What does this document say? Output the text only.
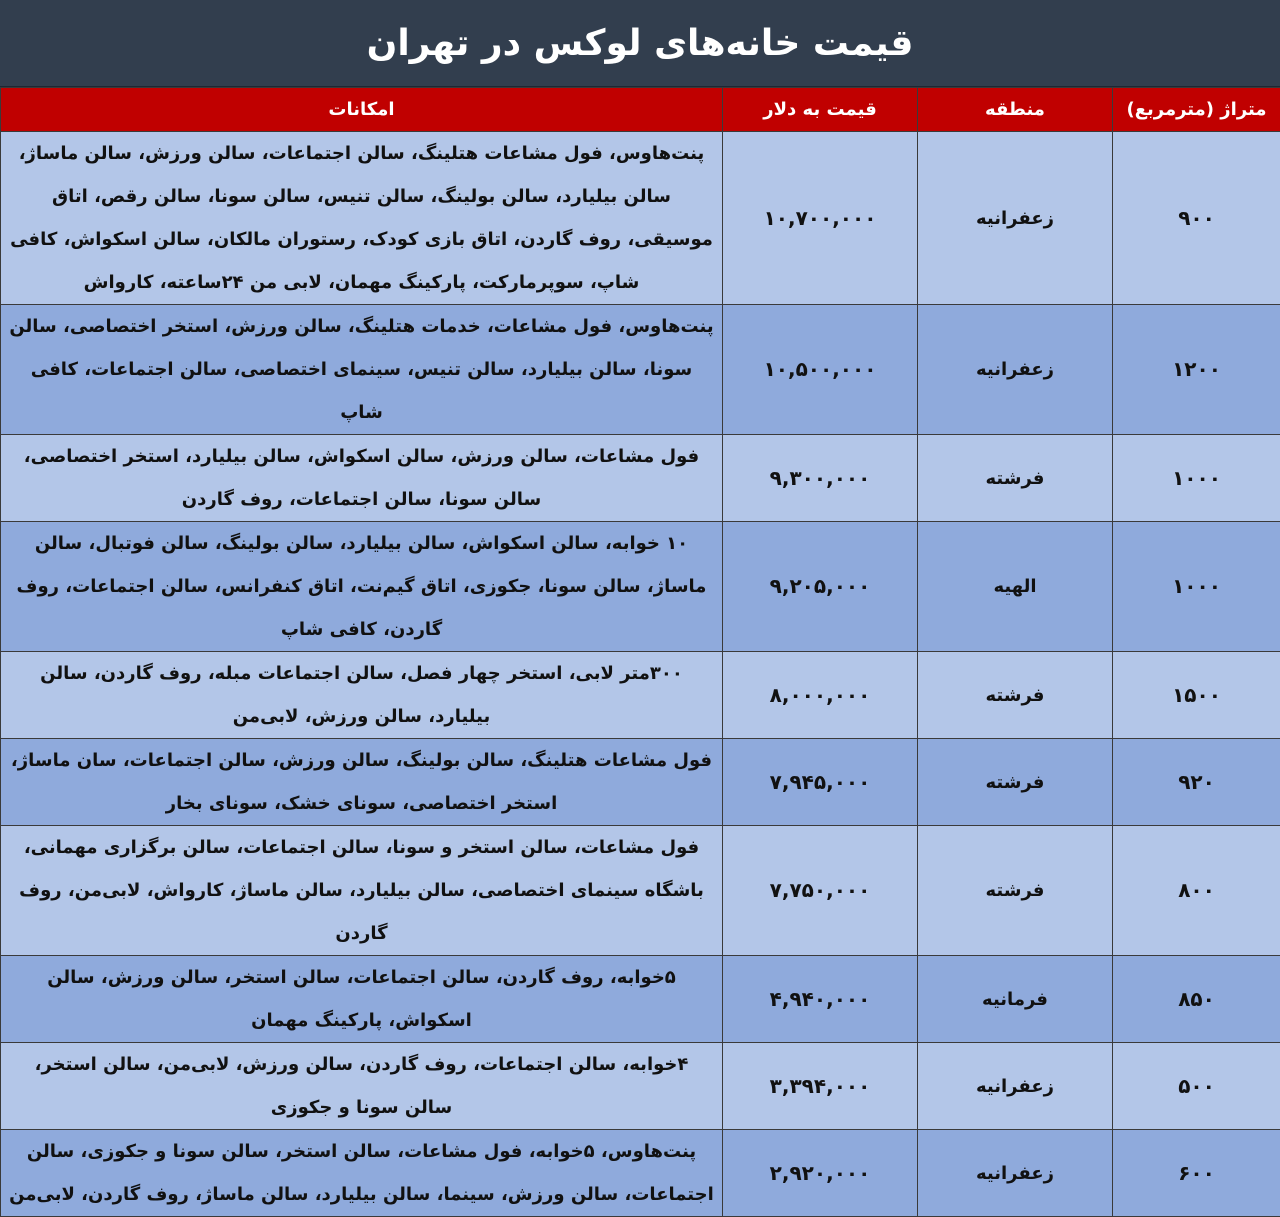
قیمت خانه‌های لوکس در تهران
متراژ (مترمربع)	منطقه	قیمت به دلار	امکانات
۹۰۰	زعفرانیه	۱۰,۷۰۰,۰۰۰	پنت‌هاوس، فول مشاعات هتلینگ، سالن اجتماعات، سالن ورزش، سالن ماساژ، سالن بیلیارد، سالن بولینگ، سالن تنیس، سالن سونا، سالن رقص، اتاق موسیقی، روف گاردن، اتاق بازی کودک، رستوران مالکان، سالن اسکواش، کافی شاپ، سوپرمارکت، پارکینگ مهمان، لابی من ۲۴ساعته، کارواش
۱۲۰۰	زعفرانیه	۱۰,۵۰۰,۰۰۰	پنت‌هاوس، فول مشاعات، خدمات هتلینگ، سالن ورزش، استخر اختصاصی، سالن سونا، سالن بیلیارد، سالن تنیس، سینمای اختصاصی، سالن اجتماعات، کافی شاپ
۱۰۰۰	فرشته	۹,۳۰۰,۰۰۰	فول مشاعات، سالن ورزش، سالن اسکواش، سالن بیلیارد، استخر اختصاصی، سالن سونا، سالن اجتماعات، روف گاردن
۱۰۰۰	الهیه	۹,۲۰۵,۰۰۰	۱۰ خوابه، سالن اسکواش، سالن بیلیارد، سالن بولینگ، سالن فوتبال، سالن ماساژ، سالن سونا، جکوزی، اتاق گیم‌نت، اتاق کنفرانس، سالن اجتماعات، روف گاردن، کافی شاپ
۱۵۰۰	فرشته	۸,۰۰۰,۰۰۰	۳۰۰متر لابی، استخر چهار فصل، سالن اجتماعات مبله، روف گاردن، سالن بیلیارد، سالن ورزش، لابی‌من
۹۲۰	فرشته	۷,۹۴۵,۰۰۰	فول مشاعات هتلینگ، سالن بولینگ، سالن ورزش، سالن اجتماعات، سان ماساژ، استخر اختصاصی، سونای خشک، سونای بخار
۸۰۰	فرشته	۷,۷۵۰,۰۰۰	فول مشاعات، سالن استخر و سونا، سالن اجتماعات، سالن برگزاری مهمانی، باشگاه سینمای اختصاصی، سالن بیلیارد، سالن ماساژ، کارواش، لابی‌من، روف گاردن
۸۵۰	فرمانیه	۴,۹۴۰,۰۰۰	۵خوابه، روف گاردن، سالن اجتماعات، سالن استخر، سالن ورزش، سالن اسکواش، پارکینگ مهمان
۵۰۰	زعفرانیه	۳,۳۹۴,۰۰۰	۴خوابه، سالن اجتماعات، روف گاردن، سالن ورزش، لابی‌من، سالن استخر، سالن سونا و جکوزی
۶۰۰	زعفرانیه	۲,۹۲۰,۰۰۰	پنت‌هاوس، ۵خوابه، فول مشاعات، سالن استخر، سالن سونا و جکوزی، سالن اجتماعات، سالن ورزش، سینما، سالن بیلیارد، سالن ماساژ، روف گاردن، لابی‌من
